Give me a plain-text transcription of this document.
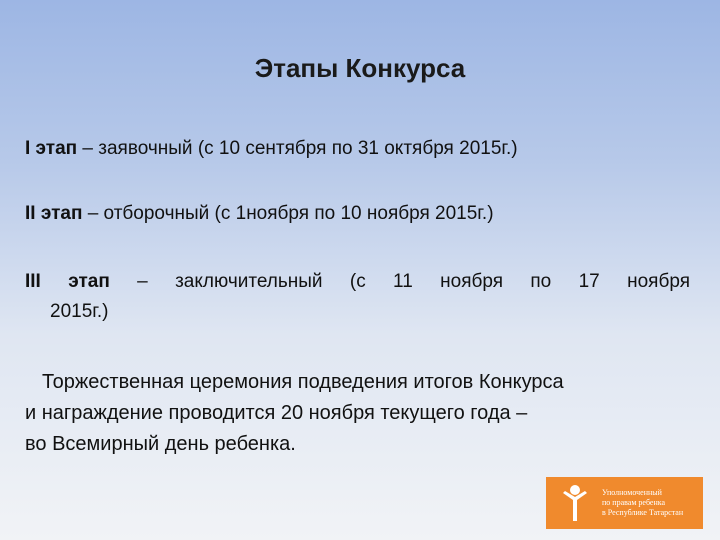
Этапы Конкурса
I этап – заявочный (с 10 сентября по 31 октября 2015г.)
II этап – отборочный (с 1ноября по 10 ноября 2015г.)
III этап – заключительный (с 11 ноября по 17 ноября
2015г.)
Торжественная церемония подведения итогов Конкурса
и награждение проводится 20 ноября текущего года –
во Всемирный день ребенка.
Уполномоченный
по правам ребенка
в Республике Татарстан
